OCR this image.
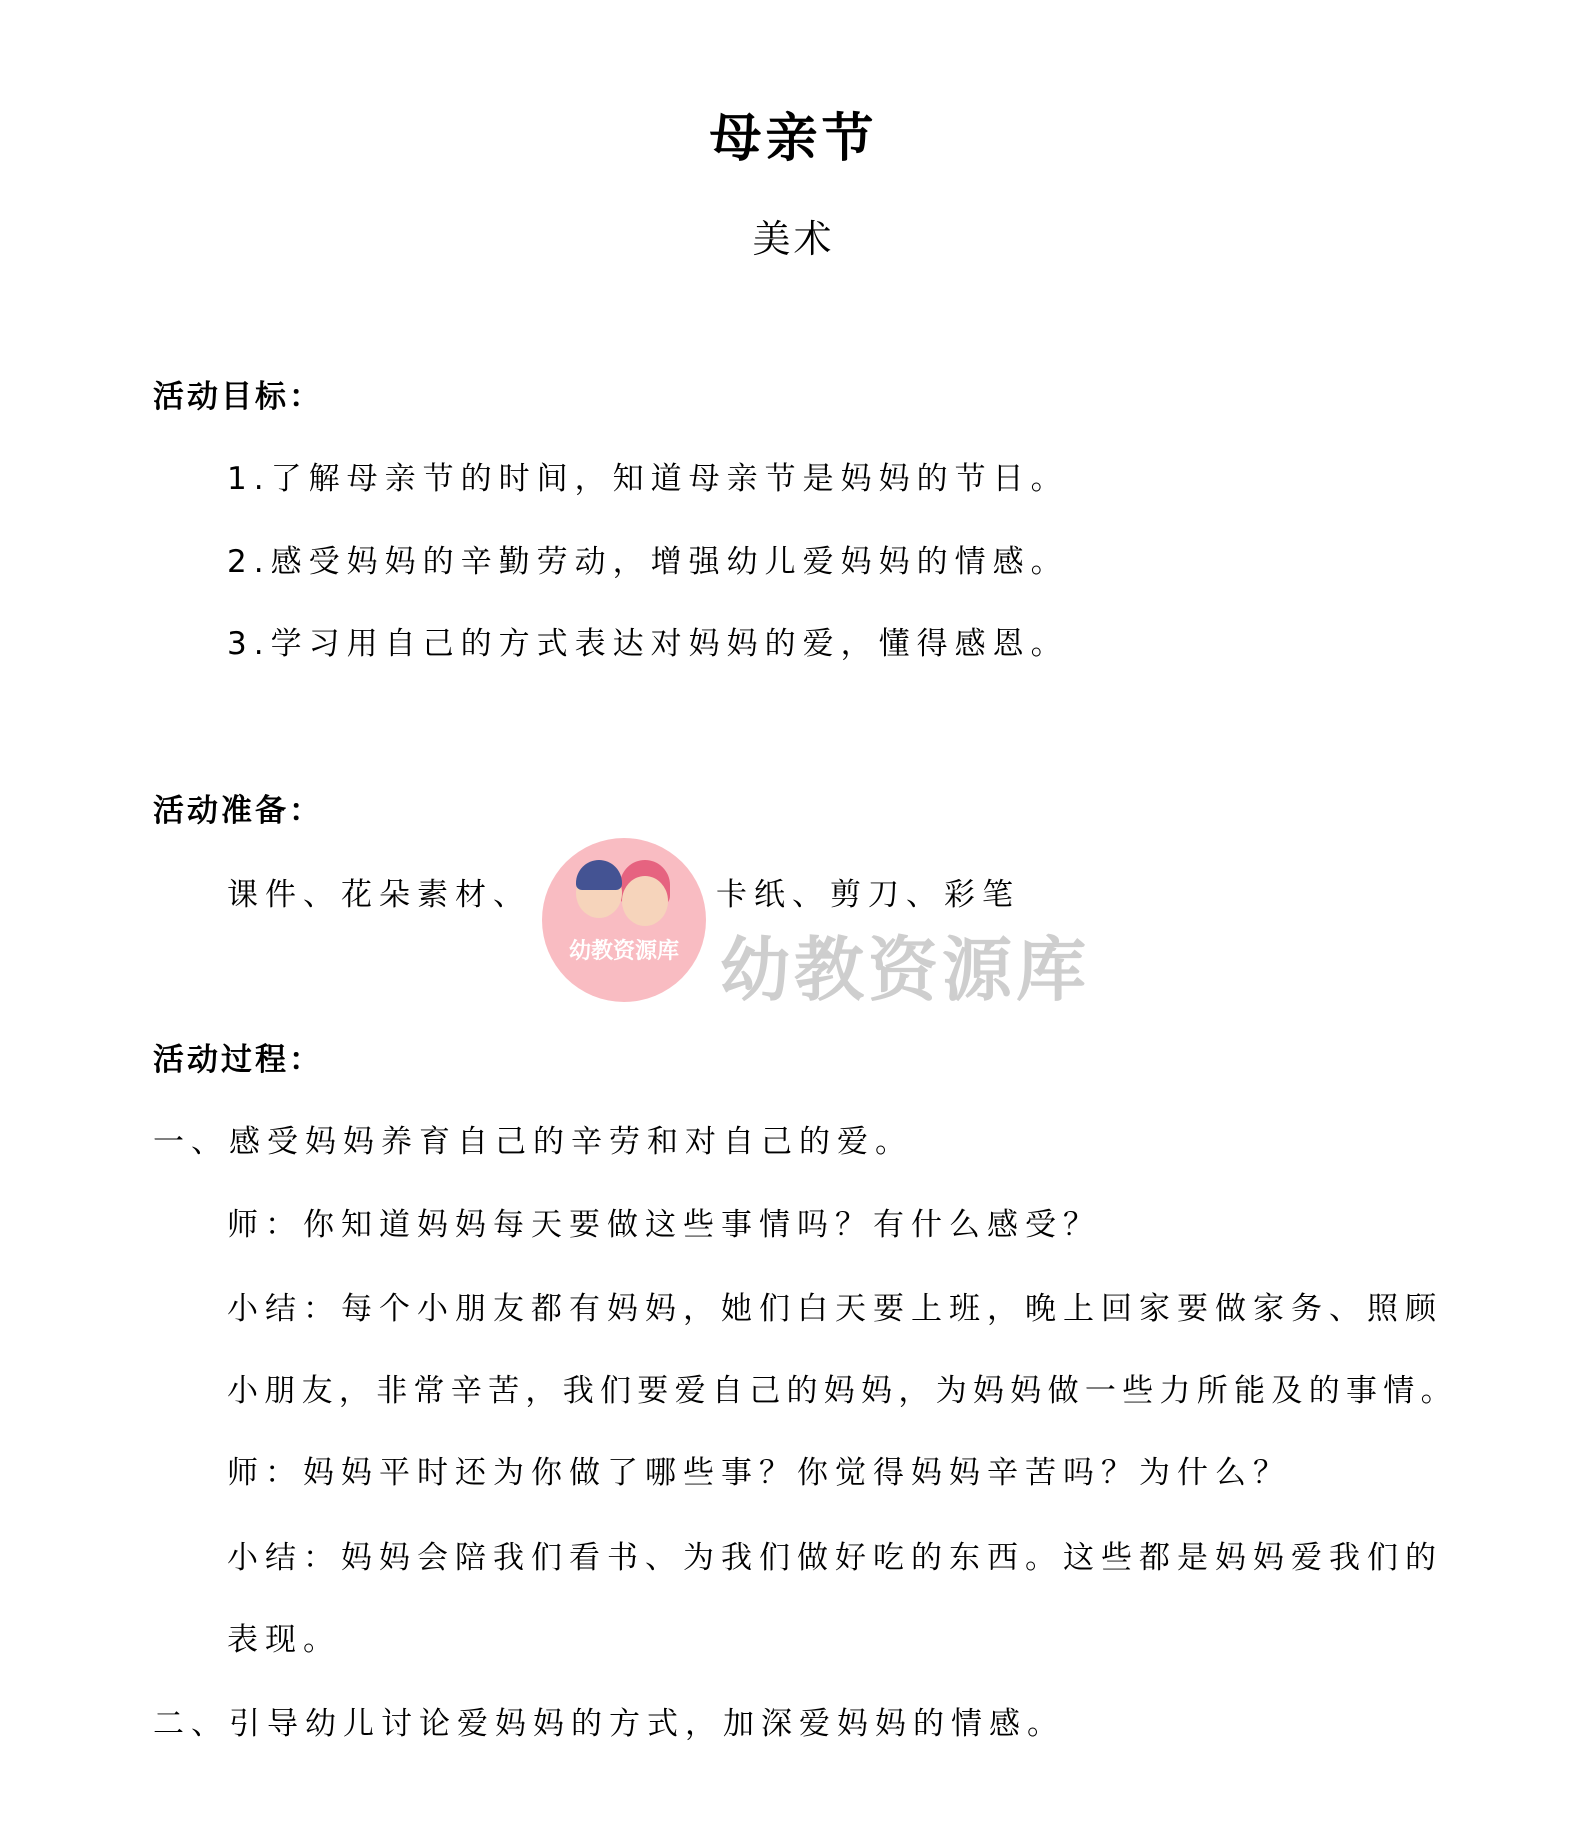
母亲节
美术
活动目标：
1.了解母亲节的时间，知道母亲节是妈妈的节日。
2.感受妈妈的辛勤劳动，增强幼儿爱妈妈的情感。
3.学习用自己的方式表达对妈妈的爱，懂得感恩。
活动准备：
课件、花朵素材、	卡纸、剪刀、彩笔
幼教资源库 幼教资源库
活动过程：
一、感受妈妈养育自己的辛劳和对自己的爱。
师：你知道妈妈每天要做这些事情吗？有什么感受？
小结：每个小朋友都有妈妈，她们白天要上班，晚上回家要做家务、照顾
小朋友，非常辛苦，我们要爱自己的妈妈，为妈妈做一些力所能及的事情。
师：妈妈平时还为你做了哪些事？你觉得妈妈辛苦吗？为什么？
小结：妈妈会陪我们看书、为我们做好吃的东西。这些都是妈妈爱我们的
表现。
二、引导幼儿讨论爱妈妈的方式，加深爱妈妈的情感。
